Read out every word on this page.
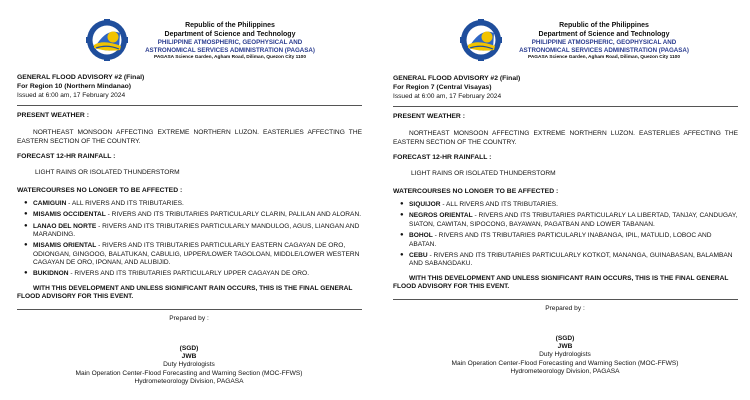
Republic of the Philippines
Department of Science and Technology
PHILIPPINE ATMOSPHERIC, GEOPHYSICAL AND
ASTRONOMICAL SERVICES ADMINISTRATION (PAGASA)
PAGASA Science Garden, Agham Road, Diliman, Quezon City 1100
GENERAL FLOOD ADVISORY #2 (Final)
For Region 10 (Northern Mindanao)
Issued at 6:00 am, 17 February 2024
PRESENT WEATHER :
NORTHEAST MONSOON AFFECTING EXTREME NORTHERN LUZON. EASTERLIES AFFECTING THE EASTERN SECTION OF THE COUNTRY.
FORECAST 12-HR RAINFALL :
LIGHT RAINS OR ISOLATED THUNDERSTORM
WATERCOURSES NO LONGER TO BE AFFECTED :
● CAMIGUIN - ALL RIVERS AND ITS TRIBUTARIES.
● MISAMIS OCCIDENTAL - RIVERS AND ITS TRIBUTARIES PARTICULARLY CLARIN, PALILAN AND ALORAN.
● LANAO DEL NORTE - RIVERS AND ITS TRIBUTARIES PARTICULARLY MANDULOG, AGUS, LIANGAN AND MARANDING.
● MISAMIS ORIENTAL - RIVERS AND ITS TRIBUTARIES PARTICULARLY EASTERN CAGAYAN DE ORO, ODIONGAN, GINGOOG, BALATUKAN, CABULIG, UPPER/LOWER TAGOLOAN, MIDDLE/LOWER WESTERN CAGAYAN DE ORO, IPONAN, AND ALUBIJID.
● BUKIDNON - RIVERS AND ITS TRIBUTARIES PARTICULARLY UPPER CAGAYAN DE ORO.
WITH THIS DEVELOPMENT AND UNLESS SIGNIFICANT RAIN OCCURS, THIS IS THE FINAL GENERAL FLOOD ADVISORY FOR THIS EVENT.
Prepared by :
(SGD)
JWB
Duty Hydrologists
Main Operation Center-Flood Forecasting and Warning Section (MOC-FFWS)
Hydrometeorology Division, PAGASA
Republic of the Philippines
Department of Science and Technology
PHILIPPINE ATMOSPHERIC, GEOPHYSICAL AND
ASTRONOMICAL SERVICES ADMINISTRATION (PAGASA)
PAGASA Science Garden, Agham Road, Diliman, Quezon City 1100
GENERAL FLOOD ADVISORY #2 (Final)
For Region 7 (Central Visayas)
Issued at 6:00 am, 17 February 2024
PRESENT WEATHER :
NORTHEAST MONSOON AFFECTING EXTREME NORTHERN LUZON. EASTERLIES AFFECTING THE EASTERN SECTION OF THE COUNTRY.
FORECAST 12-HR RAINFALL :
LIGHT RAINS OR ISOLATED THUNDERSTORM
WATERCOURSES NO LONGER TO BE AFFECTED :
● SIQUIJOR - ALL RIVERS AND ITS TRIBUTARIES.
● NEGROS ORIENTAL - RIVERS AND ITS TRIBUTARIES PARTICULARLY LA LIBERTAD, TANJAY, CANDUGAY, SIATON, CAWITAN, SIPOCONG, BAYAWAN, PAGATBAN AND LOWER TABANAN.
● BOHOL - RIVERS AND ITS TRIBUTARIES PARTICULARLY INABANGA, IPIL, MATULID, LOBOC AND ABATAN.
● CEBU - RIVERS AND ITS TRIBUTARIES PARTICULARLY KOTKOT, MANANGA, GUINABASAN, BALAMBAN AND SABANGDAKU.
WITH THIS DEVELOPMENT AND UNLESS SIGNIFICANT RAIN OCCURS, THIS IS THE FINAL GENERAL FLOOD ADVISORY FOR THIS EVENT.
Prepared by :
(SGD)
JWB
Duty Hydrologists
Main Operation Center-Flood Forecasting and Warning Section (MOC-FFWS)
Hydrometeorology Division, PAGASA
